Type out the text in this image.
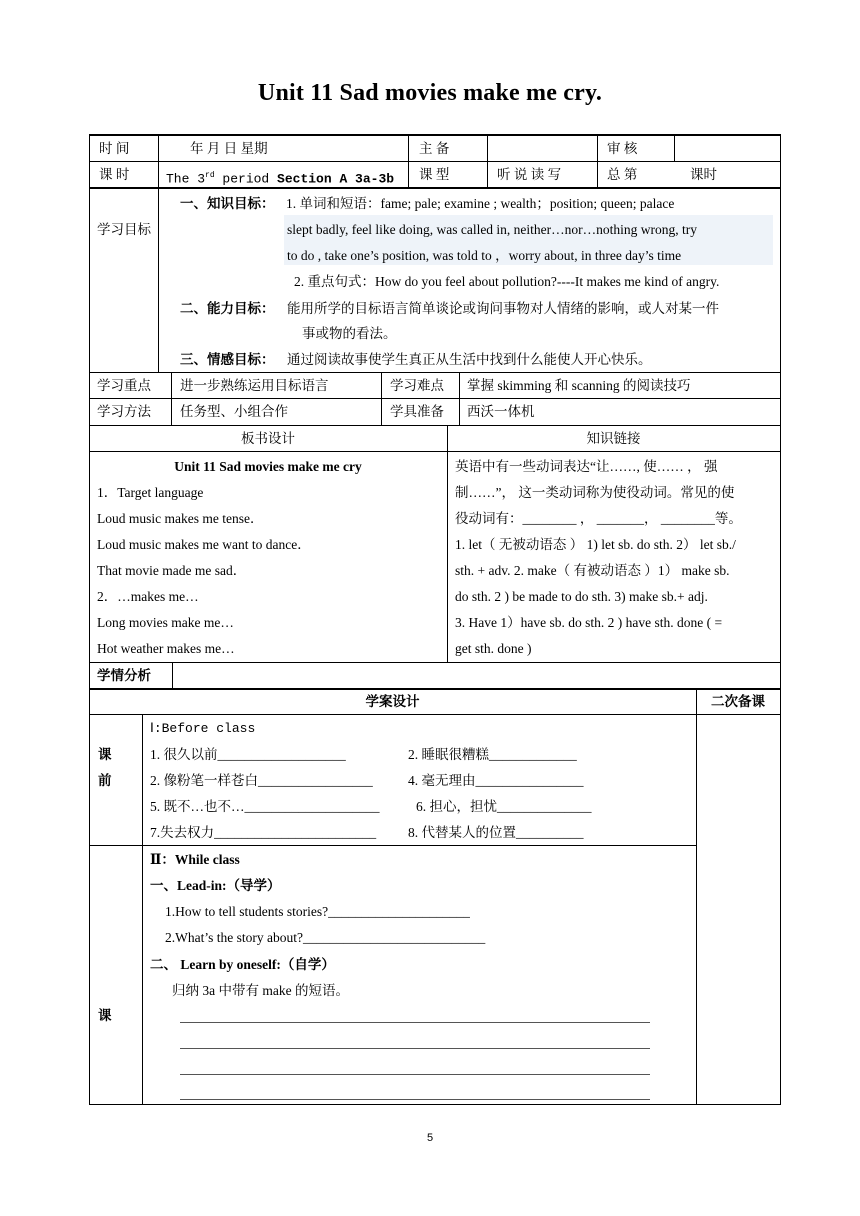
Unit 11 Sad movies make me cry.
时 间	年 月 日 星期	主 备	审 核
课 时	The 3rd period Section A 3a-3b 课 型	听 说 读 写	总 第	课时
学习目标
一、知识目标： 1. 单词和短语：fame; pale; examine ; wealth；position; queen; palace
slept badly, feel like doing, was called in, neither…nor…nothing wrong, try
to do , take one’s position, was told to ，worry about, in three day’s time
2. 重点句式：How do you feel about pollution?----It makes me kind of angry.
二、能力目标： 能用所学的目标语言简单谈论或询问事物对人情绪的影响，或人对某一件
事或物的看法。
三、情感目标： 通过阅读故事使学生真正从生活中找到什么能使人开心快乐。
学习重点 进一步熟练运用目标语言	学习难点 掌握 skimming 和 scanning 的阅读技巧
学习方法 任务型、小组合作	学具准备 西沃一体机
板书设计	知识链接
Unit 11 Sad movies make me cry
1．Target language
Loud music makes me tense．
Loud music makes me want to dance．
That movie made me sad．
2．…makes me…
Long movies make me…
Hot weather makes me…
英语中有一些动词表达“让……, 使…… ， 强
制……”， 这一类动词称为使役动词。常见的使
役动词有：________ ， _______， ________等。
1. let（ 无被动语态 ） 1) let sb. do sth. 2） let sb./
sth. + adv. 2. make（ 有被动语态 ）1） make sb.
do sth. 2 ) be made to do sth. 3) make sb.+ adj.
3. Have 1）have sb. do sth. 2 ) have sth. done ( =
get sth. done )
学情分析
学案设计	二次备课
课
前
Ⅰ:Before class
1. 很久以前___________________	2. 睡眠很糟糕_____________
2. 像粉笔一样苍白_________________	4. 毫无理由________________
5. 既不…也不…____________________	6. 担心，担忧______________
7.失去权力________________________ 8. 代替某人的位置__________
课
Ⅱ：While class
一、Lead-in:（导学）
1.How to tell students stories?_____________________
2.What’s the story about?___________________________
二、 Learn by oneself:（自学）
归纳 3a 中带有 make 的短语。
5
